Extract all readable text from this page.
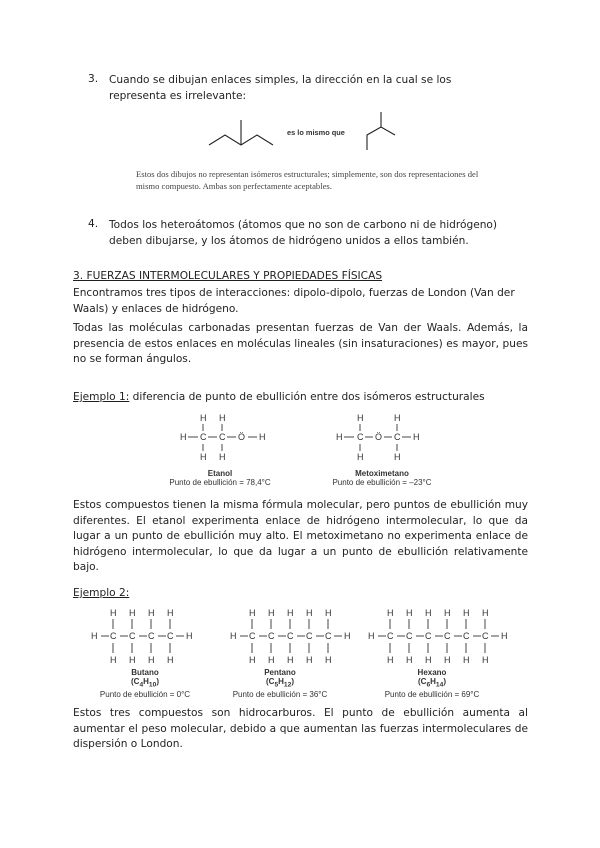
3. Cuando se dibujan enlaces simples, la dirección en la cual se los representa es irrelevante:
es lo mismo que
Estos dos dibujos no representan isómeros estructurales; simplemente, son dos representaciones del mismo compuesto. Ambas son perfectamente aceptables.
4. Todos los heteroátomos (átomos que no son de carbono ni de hidrógeno) deben dibujarse, y los átomos de hidrógeno unidos a ellos también.
3. FUERZAS INTERMOLECULARES Y PROPIEDADES FÍSICAS
Encontramos tres tipos de interacciones: dipolo-dipolo, fuerzas de London (Van der Waals) y enlaces de hidrógeno.
Todas las moléculas carbonadas presentan fuerzas de Van der Waals. Además, la presencia de estos enlaces en moléculas lineales (sin insaturaciones) es mayor, pues no se forman ángulos.
Ejemplo 1: diferencia de punto de ebullición entre dos isómeros estructurales
H H
H C C Ö H
H H
H	H
H C Ö C H
H	H
Etanol
Punto de ebullición = 78,4°C
Metoximetano
Punto de ebullición = –23°C
Estos compuestos tienen la misma fórmula molecular, pero puntos de ebullición muy diferentes. El etanol experimenta enlace de hidrógeno intermolecular, lo que da lugar a un punto de ebullición muy alto. El metoximetano no experimenta enlace de hidrógeno intermolecular, lo que da lugar a un punto de ebullición relativamente bajo.
Ejemplo 2:
H C
H
H
C
H
H
C
H
H
C
H
H
H	H C
H
H
C
H
H
C
H
H
C
H
H
C
H
H
H H C
H
H
C
H
H
C
H
H
C
H
H
C
H
H
C
H
H
H
Butano
$(C_4H_{10})$
Punto de ebullición = 0°C
Pentano
$(C_5H_{12})$
Punto de ebullición = 36°C
Hexano
$(C_6H_{14})$
Punto de ebullición = 69°C
Estos tres compuestos son hidrocarburos. El punto de ebullición aumenta al aumentar el peso molecular, debido a que aumentan las fuerzas intermoleculares de dispersión o London.
